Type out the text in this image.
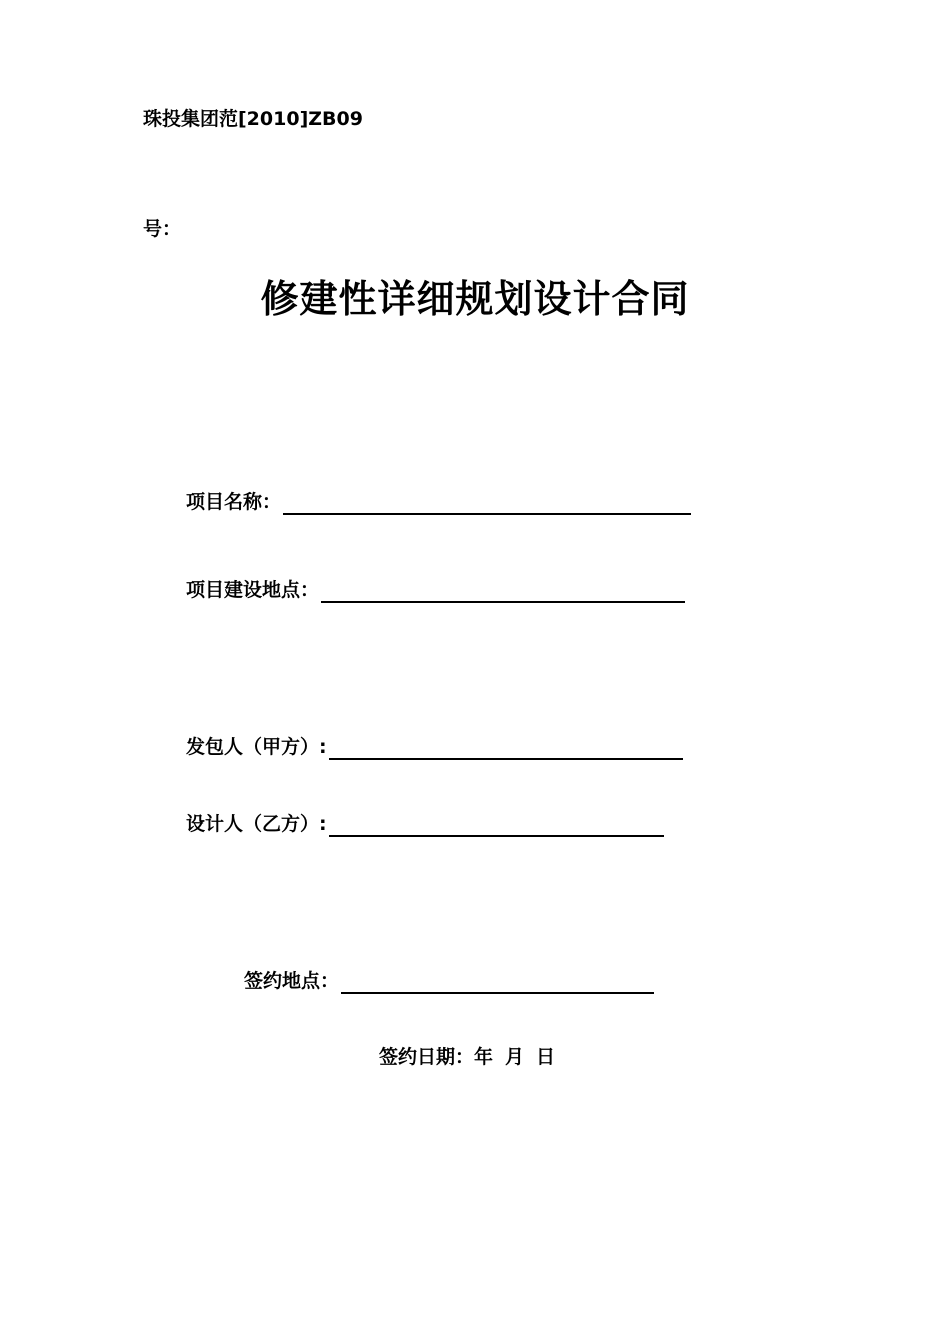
珠投集团范[2010]ZB09
号：
修建性详细规划设计合同
项目名称：
项目建设地点：
发包人（甲方）:
设计人（乙方）:
签约地点：
签约日期：年 月 日
